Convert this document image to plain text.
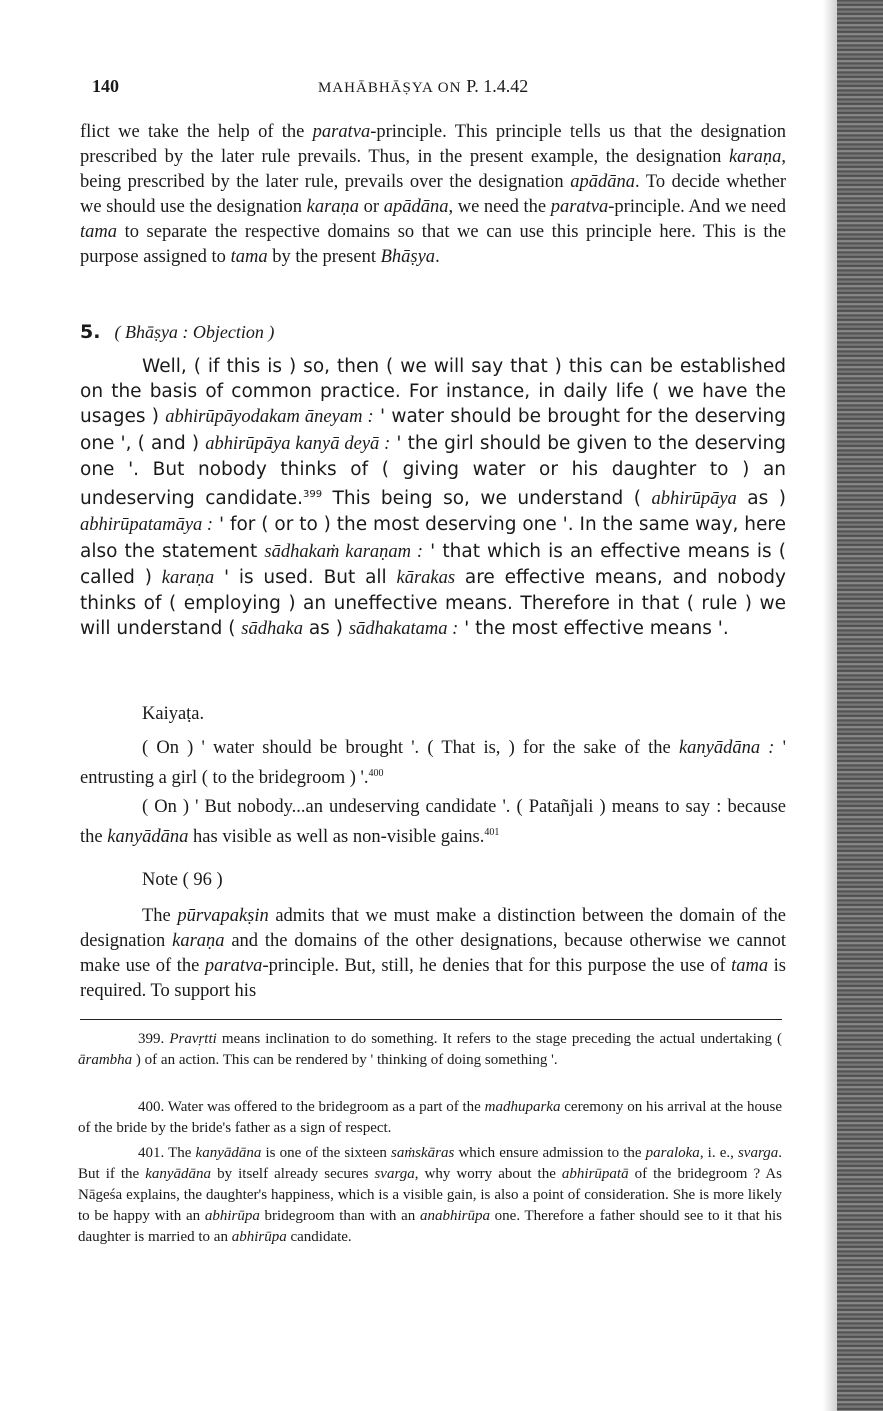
140	MAHĀBHĀṢYA ON P. 1.4.42

flict we take the help of the paratva-principle. This principle tells us that the designation prescribed by the later rule prevails. Thus, in the present example, the designation karaṇa, being prescribed by the later rule, prevails over the designation apādāna. To decide whether we should use the designation karaṇa or apādāna, we need the paratva-principle. And we need tama to separate the respective domains so that we can use this principle here. This is the purpose assigned to tama by the present Bhāṣya.

5. ( Bhāṣya : Objection )

Well, ( if this is ) so, then ( we will say that ) this can be established on the basis of common practice. For instance, in daily life ( we have the usages ) abhirūpāyodakam āneyam : ' water should be brought for the deserving one ', ( and ) abhirūpāya kanyā deyā : ' the girl should be given to the deserving one '. But nobody thinks of ( giving water or his daughter to ) an undeserving candidate.$^{399}$ This being so, we understand ( abhirūpāya as ) abhirūpatamāya : ' for ( or to ) the most deserving one '. In the same way, here also the statement sādhakaṁ karaṇam : ' that which is an effective means is ( called ) karaṇa ' is used. But all kārakas are effective means, and nobody thinks of ( employing ) an uneffective means. Therefore in that ( rule ) we will understand ( sādhaka as ) sādhakatama : ' the most effective means '.

Kaiyaṭa.

( On ) ' water should be brought '. ( That is, ) for the sake of the kanyādāna : ' entrusting a girl ( to the bridegroom ) '.$^{400}$

( On ) ' But nobody...an undeserving candidate '. ( Patañjali ) means to say : because the kanyādāna has visible as well as non-visible gains.$^{401}$

Note ( 96 )

The pūrvapakṣin admits that we must make a distinction between the domain of the designation karaṇa and the domains of the other designations, because otherwise we cannot make use of the paratva-principle. But, still, he denies that for this purpose the use of tama is required. To support his

399. Pravṛtti means inclination to do something. It refers to the stage preceding the actual undertaking ( ārambha ) of an action. This can be rendered by ' thinking of doing something '.

400. Water was offered to the bridegroom as a part of the madhuparka ceremony on his arrival at the house of the bride by the bride's father as a sign of respect.

401. The kanyādāna is one of the sixteen saṁskāras which ensure admission to the paraloka, i. e., svarga. But if the kanyādāna by itself already secures svarga, why worry about the abhirūpatā of the bridegroom ? As Nāgeśa explains, the daughter's happiness, which is a visible gain, is also a point of consideration. She is more likely to be happy with an abhirūpa bridegroom than with an anabhirūpa one. Therefore a father should see to it that his daughter is married to an abhirūpa candidate.
